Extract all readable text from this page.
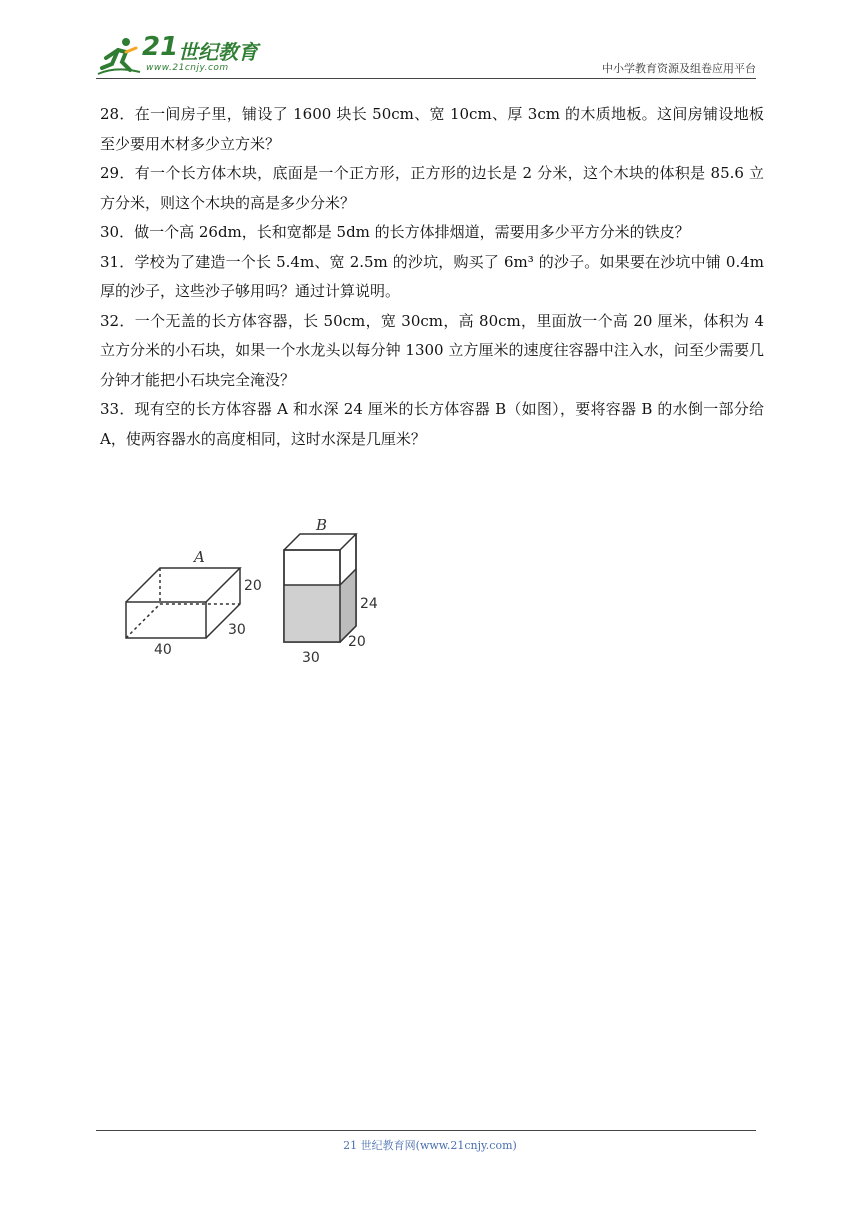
21 世纪教育
www.21cnjy.com	中小学教育资源及组卷应用平台

28．在一间房子里，铺设了 1600 块长 50cm、宽 10cm、厚 3cm 的木质地板。这间房铺设地板至少要用木材多少立方米？

29．有一个长方体木块，底面是一个正方形，正方形的边长是 2 分米，这个木块的体积是 85.6 立方分米，则这个木块的高是多少分米？

30．做一个高 26dm，长和宽都是 5dm 的长方体排烟道，需要用多少平方分米的铁皮？

31．学校为了建造一个长 5.4m、宽 2.5m 的沙坑，购买了 6m³ 的沙子。如果要在沙坑中铺 0.4m 厚的沙子，这些沙子够用吗？通过计算说明。

32．一个无盖的长方体容器，长 50cm，宽 30cm，高 80cm，里面放一个高 20 厘米，体积为 4 立方分米的小石块，如果一个水龙头以每分钟 1300 立方厘米的速度往容器中注入水，问至少需要几分钟才能把小石块完全淹没？

33．现有空的长方体容器 A 和水深 24 厘米的长方体容器 B（如图），要将容器 B 的水倒一部分给 A，使两容器水的高度相同，这时水深是几厘米？

A
20
30
40
B
24
20
30
21 世纪教育网(www.21cnjy.com)
